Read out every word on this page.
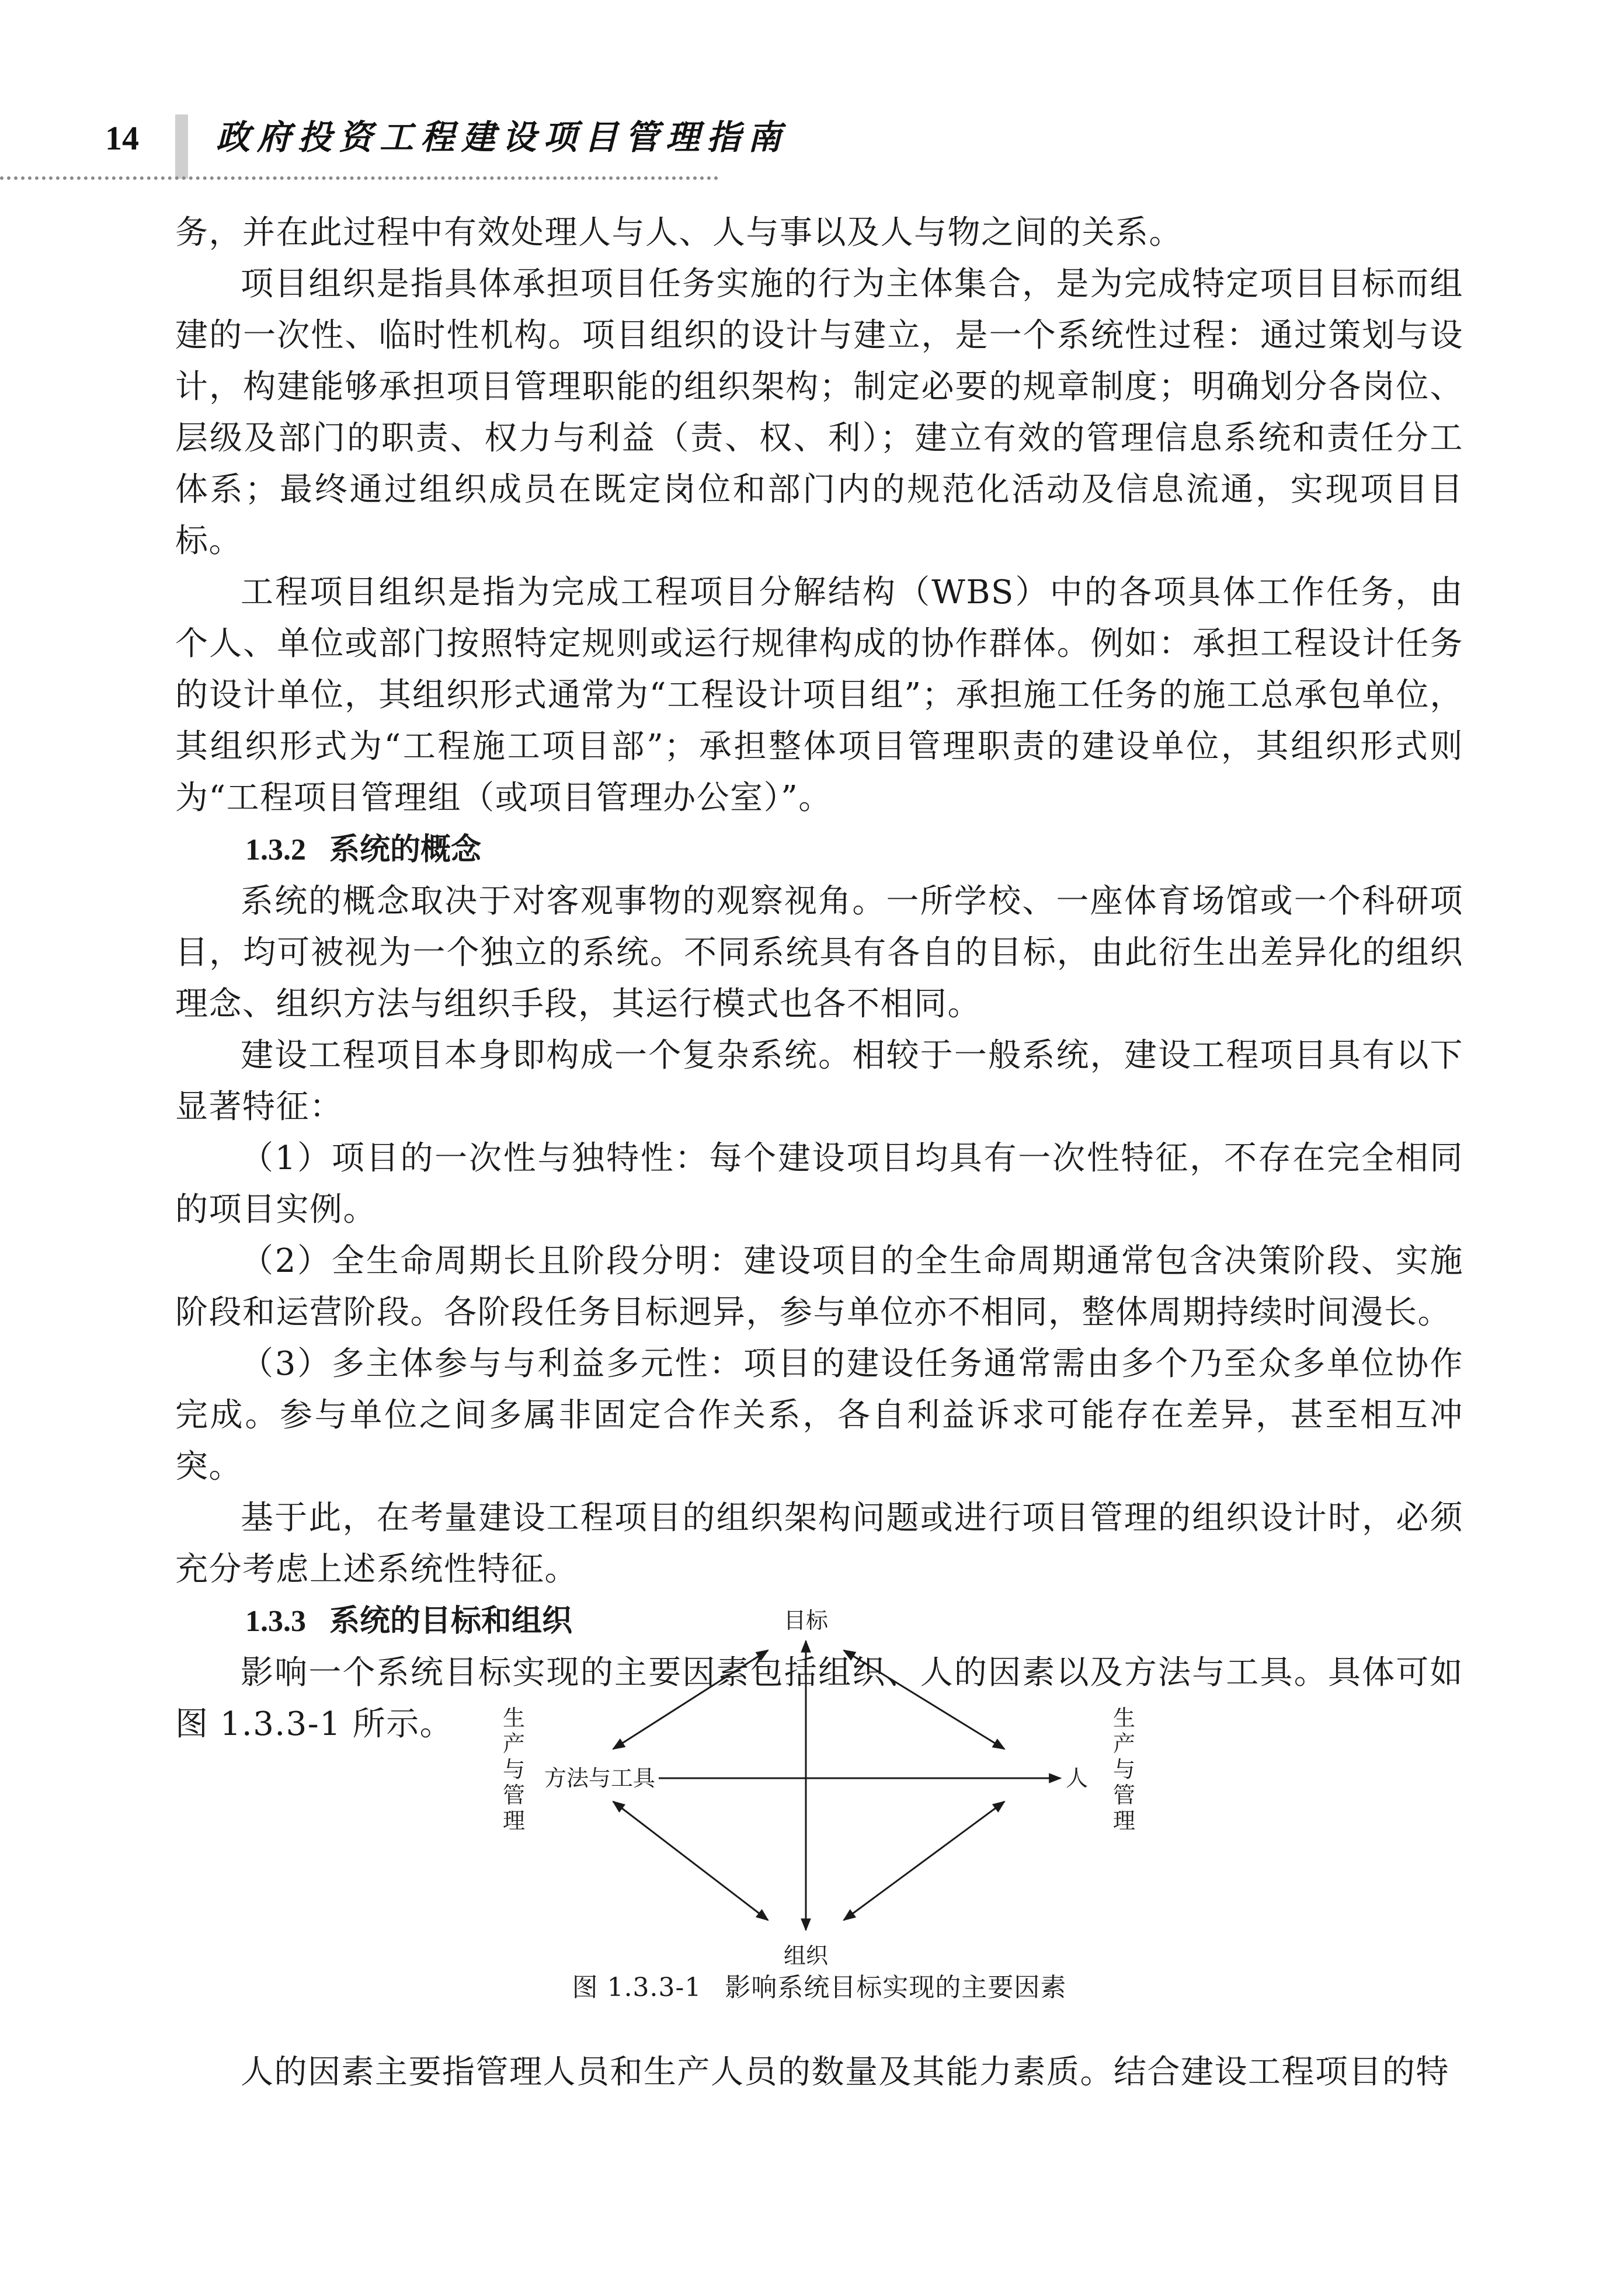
14 政府投资工程建设项目管理指南

务，并在此过程中有效处理人与人、人与事以及人与物之间的关系。

项目组织是指具体承担项目任务实施的行为主体集合，是为完成特定项目目标而组建的一次性、临时性机构。项目组织的设计与建立，是一个系统性过程：通过策划与设计，构建能够承担项目管理职能的组织架构；制定必要的规章制度；明确划分各岗位、层级及部门的职责、权力与利益（责、权、利）；建立有效的管理信息系统和责任分工体系；最终通过组织成员在既定岗位和部门内的规范化活动及信息流通，实现项目目标。

工程项目组织是指为完成工程项目分解结构（WBS）中的各项具体工作任务，由个人、单位或部门按照特定规则或运行规律构成的协作群体。例如：承担工程设计任务的设计单位，其组织形式通常为“工程设计项目组”；承担施工任务的施工总承包单位，其组织形式为“工程施工项目部”；承担整体项目管理职责的建设单位，其组织形式则为“工程项目管理组（或项目管理办公室）”。

1.3.2 系统的概念

系统的概念取决于对客观事物的观察视角。一所学校、一座体育场馆或一个科研项目，均可被视为一个独立的系统。不同系统具有各自的目标，由此衍生出差异化的组织理念、组织方法与组织手段，其运行模式也各不相同。

建设工程项目本身即构成一个复杂系统。相较于一般系统，建设工程项目具有以下显著特征：

（1）项目的一次性与独特性：每个建设项目均具有一次性特征，不存在完全相同的项目实例。

（2）全生命周期长且阶段分明：建设项目的全生命周期通常包含决策阶段、实施阶段和运营阶段。各阶段任务目标迥异，参与单位亦不相同，整体周期持续时间漫长。

（3）多主体参与与利益多元性：项目的建设任务通常需由多个乃至众多单位协作完成。参与单位之间多属非固定合作关系，各自利益诉求可能存在差异，甚至相互冲突。

基于此，在考量建设工程项目的组织架构问题或进行项目管理的组织设计时，必须充分考虑上述系统性特征。

1.3.3 系统的目标和组织

影响一个系统目标实现的主要因素包括组织、人的因素以及方法与工具。具体可如图 1.3.3-1 所示。

目标
组织
方法与工具	人
生产与管理
生产与管理
图 1.3.3-1 影响系统目标实现的主要因素

人的因素主要指管理人员和生产人员的数量及其能力素质。结合建设工程项目的特
